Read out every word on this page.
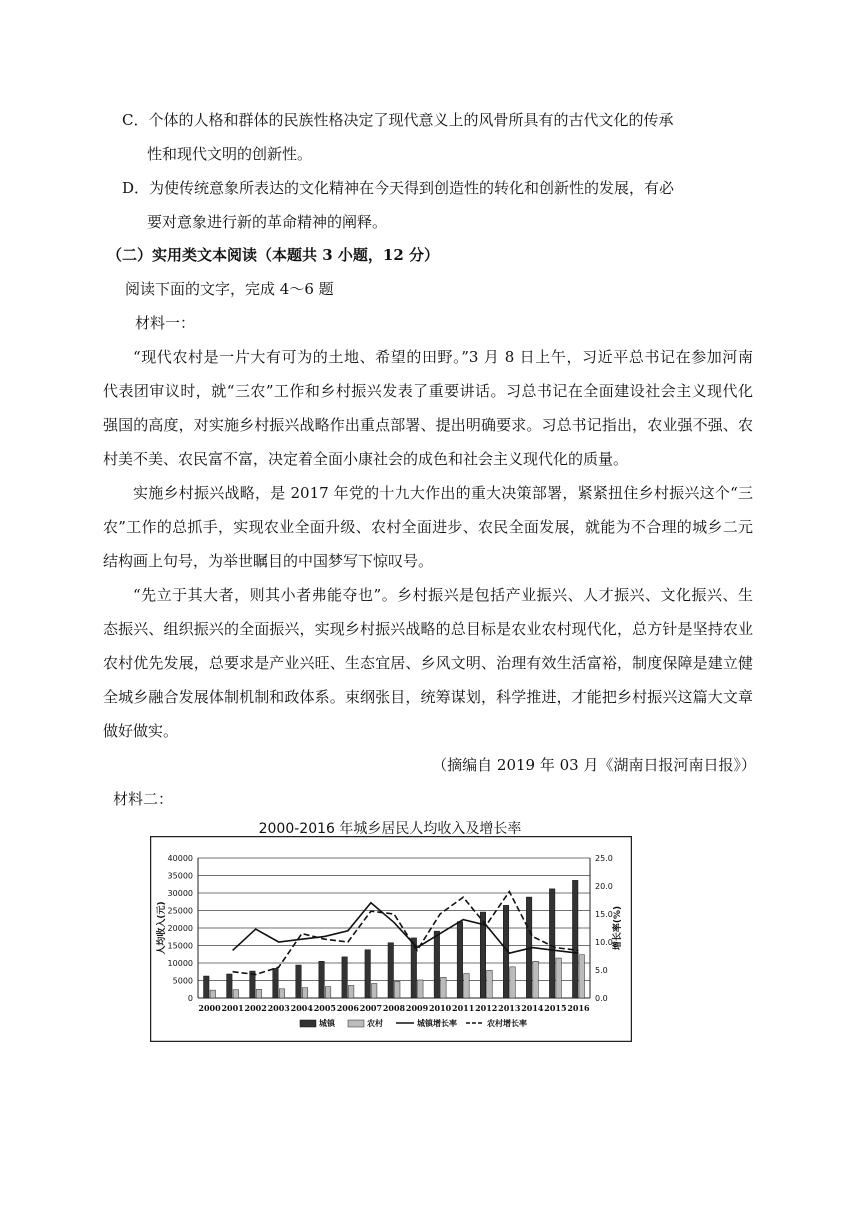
C．个体的人格和群体的民族性格决定了现代意义上的风骨所具有的古代文化的传承
性和现代文明的创新性。
D．为使传统意象所表达的文化精神在今天得到创造性的转化和创新性的发展，有必
要对意象进行新的革命精神的阐释。
（二）实用类文本阅读（本题共 3 小题，12 分）
阅读下面的文字，完成 4～6 题
材料一：
“现代农村是一片大有可为的土地、希望的田野。”3 月 8 日上午，习近平总书记在参加河南
代表团审议时，就“三农”工作和乡村振兴发表了重要讲话。习总书记在全面建设社会主义现代化
强国的高度，对实施乡村振兴战略作出重点部署、提出明确要求。习总书记指出，农业强不强、农
村美不美、农民富不富，决定着全面小康社会的成色和社会主义现代化的质量。
实施乡村振兴战略，是 2017 年党的十九大作出的重大决策部署，紧紧扭住乡村振兴这个“三
农”工作的总抓手，实现农业全面升级、农村全面进步、农民全面发展，就能为不合理的城乡二元
结构画上句号，为举世瞩目的中国梦写下惊叹号。
“先立于其大者，则其小者弗能夺也”。乡村振兴是包括产业振兴、人才振兴、文化振兴、生
态振兴、组织振兴的全面振兴，实现乡村振兴战略的总目标是农业农村现代化，总方针是坚持农业
农村优先发展，总要求是产业兴旺、生态宜居、乡风文明、治理有效生活富裕，制度保障是建立健
全城乡融合发展体制机制和政体系。束纲张目，统筹谋划，科学推进，才能把乡村振兴这篇大文章
做好做实。
（摘编自 2019 年 03 月《湖南日报河南日报》）
材料二：
2000-2016 年城乡居民人均收入及增长率
0
5000
10000
15000
20000
25000
30000
35000
40000
0.0
5.0
10.0
15.0
20.0
25.0
人均收入(元)	增长率(%)
2000 2001 2002 2003 2004 2005 2006 2007 2008 2009 2010 2011 2012 2013 2014 2015 2016
城镇	农村	城镇增长率	农村增长率
